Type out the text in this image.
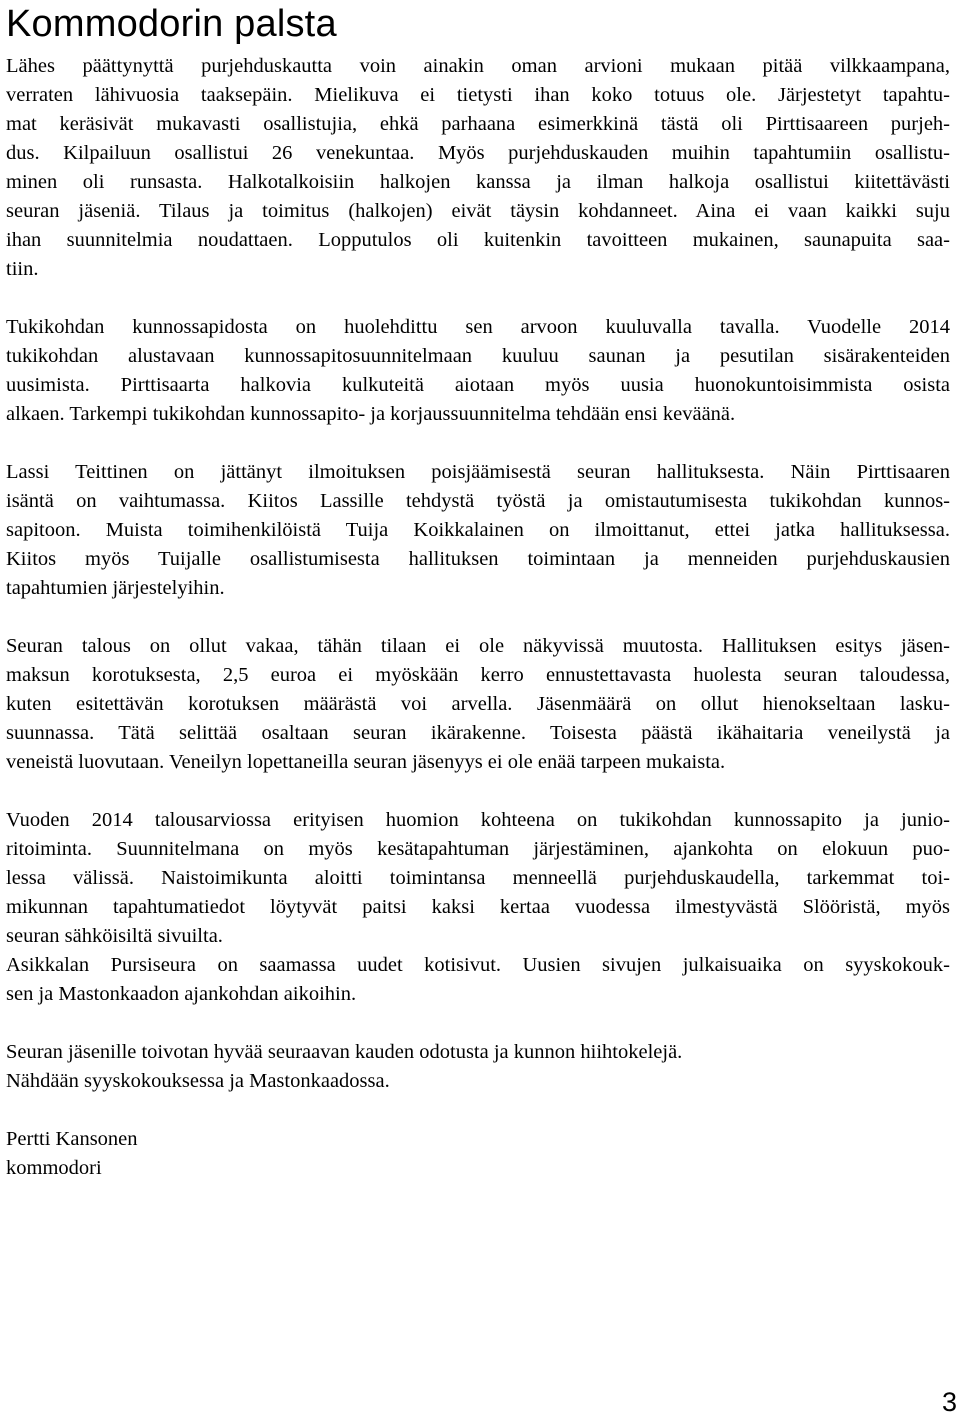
Kommodorin palsta

Lähes päättynyttä purjehduskautta voin ainakin oman arvioni mukaan pitää vilkkaampana,
verraten lähivuosia taaksepäin. Mielikuva ei tietysti ihan koko totuus ole. Järjestetyt tapahtu-
mat keräsivät mukavasti osallistujia, ehkä parhaana esimerkkinä tästä oli Pirttisaareen purjeh-
dus. Kilpailuun osallistui 26 venekuntaa. Myös purjehduskauden muihin tapahtumiin osallistu-
minen oli runsasta. Halkotalkoisiin halkojen kanssa ja ilman halkoja osallistui kiitettävästi
seuran jäseniä. Tilaus ja toimitus (halkojen) eivät täysin kohdanneet. Aina ei vaan kaikki suju
ihan suunnitelmia noudattaen. Lopputulos oli kuitenkin tavoitteen mukainen, saunapuita saa-
tiin.

Tukikohdan kunnossapidosta on huolehdittu sen arvoon kuuluvalla tavalla. Vuodelle 2014
tukikohdan alustavaan kunnossapitosuunnitelmaan kuuluu saunan ja pesutilan sisärakenteiden
uusimista. Pirttisaarta halkovia kulkuteitä aiotaan myös uusia huonokuntoisimmista osista
alkaen. Tarkempi tukikohdan kunnossapito- ja korjaussuunnitelma tehdään ensi keväänä.

Lassi Teittinen on jättänyt ilmoituksen poisjäämisestä seuran hallituksesta. Näin Pirttisaaren
isäntä on vaihtumassa. Kiitos Lassille tehdystä työstä ja omistautumisesta tukikohdan kunnos-
sapitoon. Muista toimihenkilöistä Tuija Koikkalainen on ilmoittanut, ettei jatka hallituksessa.
Kiitos myös Tuijalle osallistumisesta hallituksen toimintaan ja menneiden purjehduskausien
tapahtumien järjestelyihin.

Seuran talous on ollut vakaa, tähän tilaan ei ole näkyvissä muutosta. Hallituksen esitys jäsen-
maksun korotuksesta, 2,5 euroa ei myöskään kerro ennustettavasta huolesta seuran taloudessa,
kuten esitettävän korotuksen määrästä voi arvella. Jäsenmäärä on ollut hienokseltaan lasku-
suunnassa. Tätä selittää osaltaan seuran ikärakenne. Toisesta päästä ikähaitaria veneilystä ja
veneistä luovutaan. Veneilyn lopettaneilla seuran jäsenyys ei ole enää tarpeen mukaista.

Vuoden 2014 talousarviossa erityisen huomion kohteena on tukikohdan kunnossapito ja junio-
ritoiminta. Suunnitelmana on myös kesätapahtuman järjestäminen, ajankohta on elokuun puo-
lessa välissä. Naistoimikunta aloitti toimintansa menneellä purjehduskaudella, tarkemmat toi-
mikunnan tapahtumatiedot löytyvät paitsi kaksi kertaa vuodessa ilmestyvästä Slööristä, myös
seuran sähköisiltä sivuilta.
Asikkalan Pursiseura on saamassa uudet kotisivut. Uusien sivujen julkaisuaika on syyskokouk-
sen ja Mastonkaadon ajankohdan aikoihin.

Seuran jäsenille toivotan hyvää seuraavan kauden odotusta ja kunnon hiihtokelejä.
Nähdään syyskokouksessa ja Mastonkaadossa.

Pertti Kansonen
kommodori

3
